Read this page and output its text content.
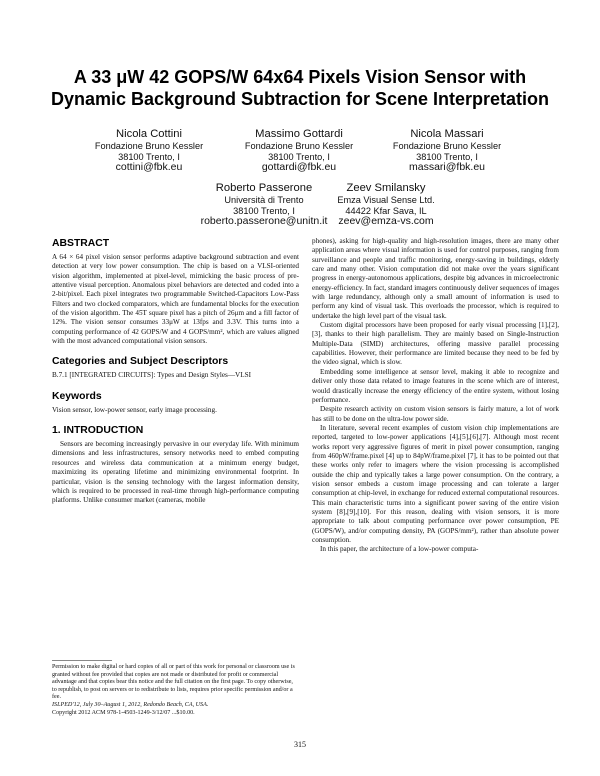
A 33 μW 42 GOPS/W 64x64 Pixels Vision Sensor with
Dynamic Background Subtraction for Scene Interpretation
Nicola Cottini
Fondazione Bruno Kessler
38100 Trento, I
cottini@fbk.eu
Massimo Gottardi
Fondazione Bruno Kessler
38100 Trento, I
gottardi@fbk.eu
Nicola Massari
Fondazione Bruno Kessler
38100 Trento, I
massari@fbk.eu
Roberto Passerone
Università di Trento
38100 Trento, I
roberto.passerone@unitn.it
Zeev Smilansky
Emza Visual Sense Ltd.
44422 Kfar Sava, IL
zeev@emza-vs.com
ABSTRACT

A 64 × 64 pixel vision sensor performs adaptive background subtraction and event detection at very low power consumption. The chip is based on a VLSI-oriented vision algorithm, implemented at pixel-level, mimicking the basic process of pre-attentive visual perception. Anomalous pixel behaviors are detected and coded into a 2-bit/pixel. Each pixel integrates two programmable Switched-Capacitors Low-Pass Filters and two clocked comparators, which are fundamental blocks for the execution of the vision algorithm. The 45T square pixel has a pitch of 26μm and a fill factor of 12%. The vision sensor consumes 33μW at 13fps and 3.3V. This turns into a computing performance of 42 GOPS/W and 4 GOPS/mm², which are values aligned with the most advanced computational vision sensors.

Categories and Subject Descriptors

B.7.1 [INTEGRATED CIRCUITS]: Types and Design Styles—VLSI

Keywords

Vision sensor, low-power sensor, early image processing.

1. INTRODUCTION

Sensors are becoming increasingly pervasive in our everyday life. With minimum dimensions and less infrastructures, sensory networks need to embed computing resources and wireless data communication at a minimum energy budget, maximizing its operating lifetime and minimizing environmental footprint. In particular, vision is the sensing technology with the largest information density, which is required to be processed in real-time through high-performance computing platforms. Unlike consumer market (cameras, mobile

Permission to make digital or hard copies of all or part of this work for personal or classroom use is granted without fee provided that copies are not made or distributed for profit or commercial advantage and that copies bear this notice and the full citation on the first page. To copy otherwise, to republish, to post on servers or to redistribute to lists, requires prior specific permission and/or a fee.

ISLPED'12, July 30–August 1, 2012, Redondo Beach, CA, USA.

Copyright 2012 ACM 978-1-4503-1249-3/12/07 ...$10.00.

phones), asking for high-quality and high-resolution images, there are many other application areas where visual information is used for control purposes, ranging from surveillance and people and traffic monitoring, energy-saving in buildings, elderly care and many other. Vision computation did not make over the years significant progress in energy-autonomous applications, despite big advances in microelectronic energy-efficiency. In fact, standard imagers continuously deliver sequences of images with large redundancy, although only a small amount of information is used to perform any kind of visual task. This overloads the processor, which is required to undertake the high level part of the visual task.

Custom digital processors have been proposed for early visual processing [1],[2],[3], thanks to their high parallelism. They are mainly based on Single-Instruction Multiple-Data (SIMD) architectures, offering massive parallel processing capabilities. However, their performance are limited because they need to be fed by the video signal, which is slow.

Embedding some intelligence at sensor level, making it able to recognize and deliver only those data related to image features in the scene which are of interest, would drastically increase the energy efficiency of the entire system, without losing performance.

Despite research activity on custom vision sensors is fairly mature, a lot of work has still to be done on the ultra-low power side.

In literature, several recent examples of custom vision chip implementations are reported, targeted to low-power applications [4],[5],[6],[7]. Although most recent works report very aggressive figures of merit in pixel power consumption, ranging from 460pW/frame.pixel [4] up to 84pW/frame.pixel [7], it has to be pointed out that these works only refer to imagers where the vision processing is accomplished outside the chip and typically takes a large power consumption. On the contrary, a vision sensor embeds a custom image processing and can tolerate a larger consumption at chip-level, in exchange for reduced external computational resources. This main characteristic turns into a significant power saving of the entire vision system [8],[9],[10]. For this reason, dealing with vision sensors, it is more appropriate to talk about computing performance over power consumption, PE (GOPS/W), and/or computing density, PA (GOPS/mm²), rather than absolute power consumption.

In this paper, the architecture of a low-power computa-

315
